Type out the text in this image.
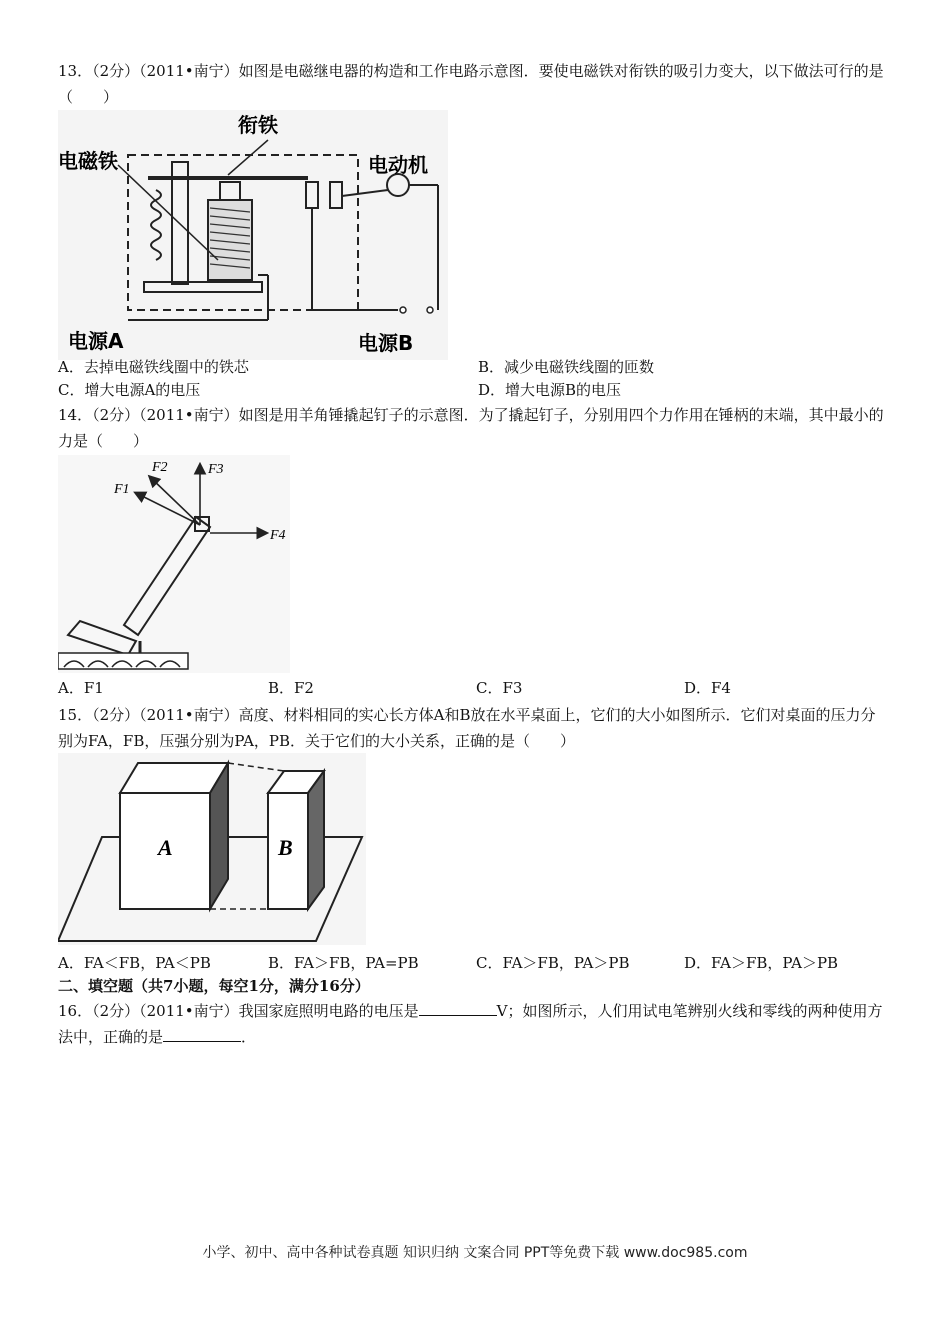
13．（2分）（2011•南宁）如图是电磁继电器的构造和工作电路示意图．要使电磁铁对衔铁的吸引力变大，以下做法可行的是（　　）
衔铁
电磁铁	电动机
电源A	电源B
A．去掉电磁铁线圈中的铁芯	B．减少电磁铁线圈的匝数
C．增大电源A的电压	D．增大电源B的电压
14．（2分）（2011•南宁）如图是用羊角锤撬起钉子的示意图．为了撬起钉子，分别用四个力作用在锤柄的末端，其中最小的力是（　　）
F1
F2	F3
F4
A．F1	B．F2	C．F3	D．F4
15．（2分）（2011•南宁）高度、材料相同的实心长方体A和B放在水平桌面上，它们的大小如图所示．它们对桌面的压力分别为FA，FB，压强分别为PA，PB．关于它们的大小关系，正确的是（　　）
A	B
A．FA＜FB，PA＜PB	B．FA＞FB，PA=PB	C．FA＞FB，PA＞PB	D．FA＞FB，PA＞PB
二、填空题（共7小题，每空1分，满分16分）
16．（2分）（2011•南宁）我国家庭照明电路的电压是	V；如图所示，人们用试电笔辨别火线和零线的两种使用方法中，正确的是	．
小学、初中、高中各种试卷真题 知识归纳 文案合同 PPT等免费下载 www.doc985.com
